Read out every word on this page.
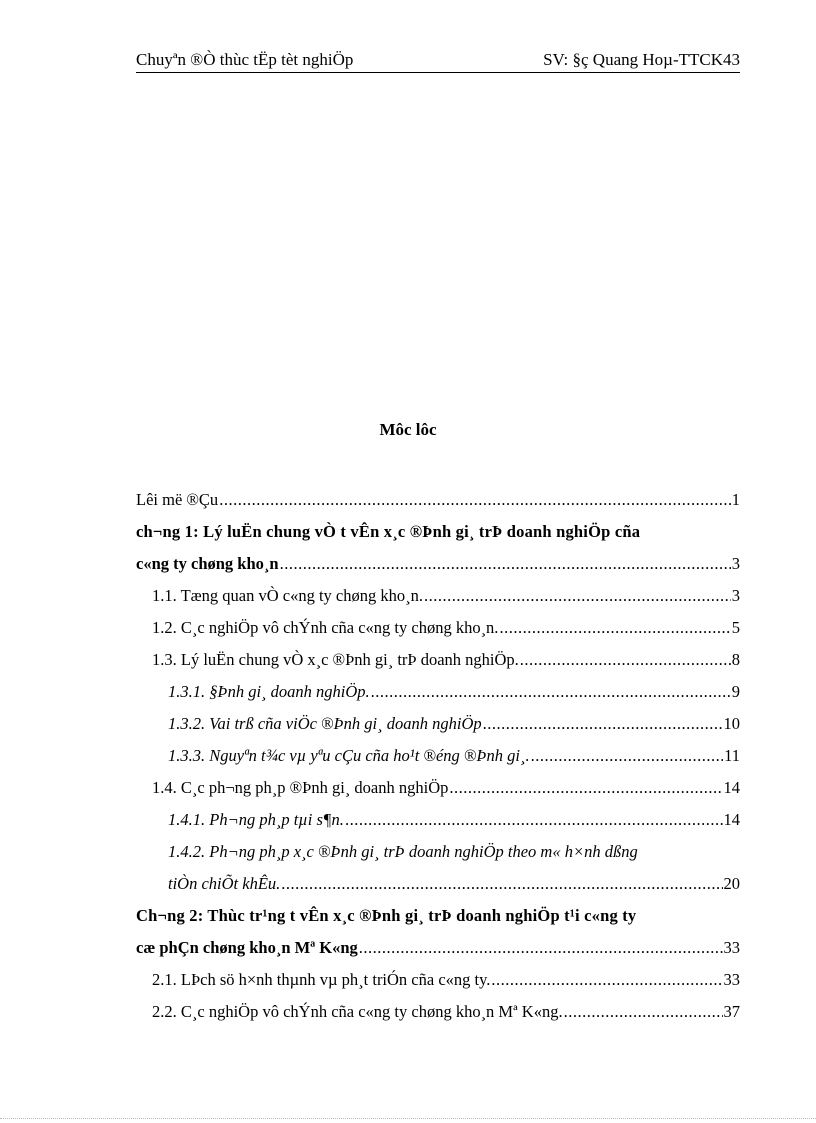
Chuyªn ®Ò thùc tËp tèt nghiÖp	SV: §ç Quang Hoµ-TTCK43
Môc lôc
Lêi më ®Çu .....	1
ch¬ng 1: Lý luËn chung vÒ t vÊn x¸c ®Þnh gi¸ trÞ doanh nghiÖp cña
c«ng ty chøng kho¸n .....	3
1.1. Tæng quan vÒ c«ng ty chøng kho¸n. .....	3
1.2. C¸c nghiÖp vô chÝnh cña c«ng ty chøng kho¸n. .....	5
1.3. Lý luËn chung vÒ x¸c ®Þnh gi¸ trÞ doanh nghiÖp. .....	8
1.3.1. §Þnh gi¸ doanh nghiÖp. .....	9
1.3.2. Vai trß cña viÖc ®Þnh gi¸ doanh nghiÖp .....	10
1.3.3. Nguyªn t¾c vµ yªu cÇu cña ho¹t ®éng ®Þnh gi¸. .....	11
1.4. C¸c ph¬ng ph¸p ®Þnh gi¸ doanh nghiÖp .....	14
1.4.1. Ph¬ng ph¸p tµi s¶n. .....	14
1.4.2. Ph¬ng ph¸p x¸c ®Þnh gi¸ trÞ doanh nghiÖp theo m« h×nh dßng
tiÒn chiÕt khÊu. .....	20
Ch¬ng 2: Thùc tr¹ng t vÊn x¸c ®Þnh gi¸ trÞ doanh nghiÖp t¹i c«ng ty
cæ phÇn chøng kho¸n Mª K«ng .....	33
2.1. LÞch sö h×nh thµnh vµ ph¸t triÓn cña c«ng ty. .....	33
2.2. C¸c nghiÖp vô chÝnh cña c«ng ty chøng kho¸n Mª K«ng. .....	37
